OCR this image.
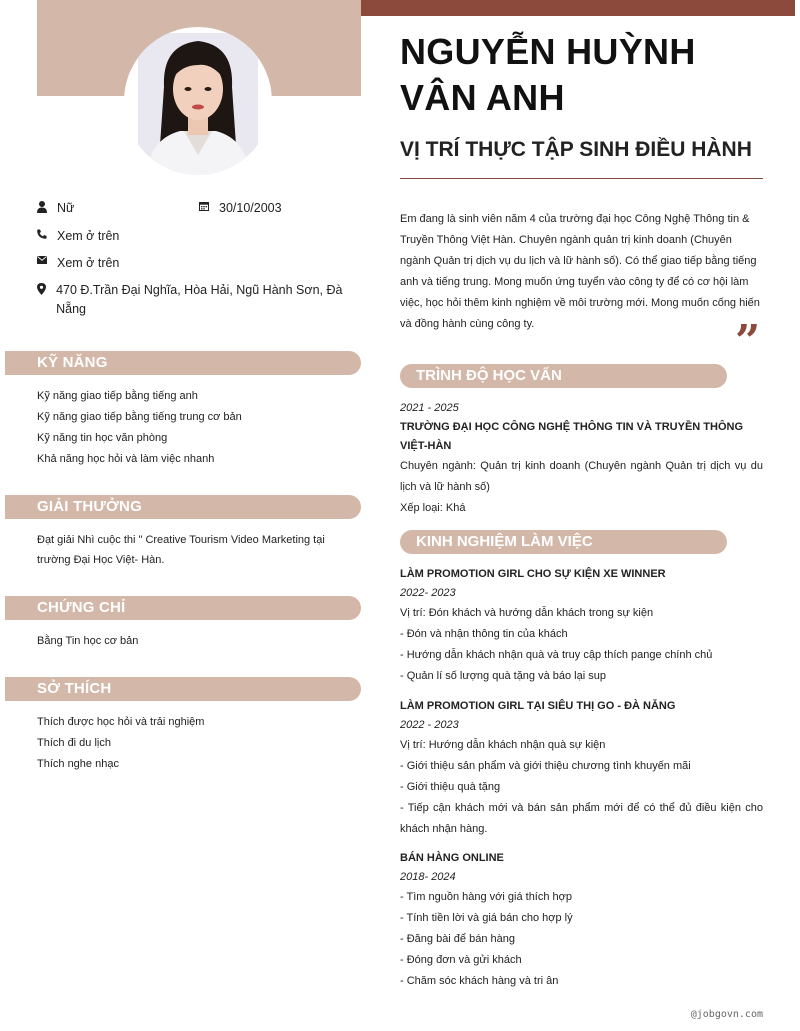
Nữ	30/10/2003
Xem ở trên
Xem ở trên
470 Đ.Trần Đại Nghĩa, Hòa Hải, Ngũ Hành Sơn, Đà Nẵng
KỸ NĂNG
Kỹ năng giao tiếp bằng tiếng anh
Kỹ năng giao tiếp bằng tiếng trung cơ bản
Kỹ năng tin học văn phòng
Khả năng học hỏi và làm việc nhanh
GIẢI THƯỞNG
Đạt giải Nhì cuộc thi " Creative Tourism Video Marketing tại trường Đại Học Việt- Hàn.
CHỨNG CHỈ
Bằng Tin học cơ bản
SỞ THÍCH
Thích được học hỏi và trải nghiệm
Thích đi du lịch
Thích nghe nhạc
NGUYỄN HUỲNH VÂN ANH
VỊ TRÍ THỰC TẬP SINH ĐIỀU HÀNH
Em đang là sinh viên năm 4 của trường đại học Công Nghệ Thông tin & Truyền Thông Việt Hàn. Chuyên ngành quản trị kinh doanh (Chuyên ngành Quản trị dịch vụ du lịch và lữ hành số). Có thể giao tiếp bằng tiếng anh và tiếng trung. Mong muốn ứng tuyển vào công ty để có cơ hội làm việc, học hỏi thêm kinh nghiệm về môi trường mới. Mong muốn cống hiến và đồng hành cùng công ty.	”
TRÌNH ĐỘ HỌC VẤN
2021 - 2025
TRƯỜNG ĐẠI HỌC CÔNG NGHỆ THÔNG TIN VÀ TRUYỀN THÔNG VIỆT-HÀN
Chuyên ngành: Quản trị kinh doanh (Chuyên ngành Quản trị dịch vụ du lịch và lữ hành số)
Xếp loại: Khá
KINH NGHIỆM LÀM VIỆC
LÀM PROMOTION GIRL CHO SỰ KIỆN XE WINNER
2022- 2023
Vị trí: Đón khách và hướng dẫn khách trong sự kiện
- Đón và nhận thông tin của khách
- Hướng dẫn khách nhận quà và truy cập thích pange chính chủ
- Quản lí số lượng quà tặng và báo lại sup
LÀM PROMOTION GIRL TẠI SIÊU THỊ GO - ĐÀ NẴNG
2022 - 2023
Vị trí: Hướng dẫn khách nhận quà sự kiện
- Giới thiệu sản phẩm và giới thiệu chương tình khuyến mãi
- Giới thiệu quà tặng
- Tiếp cận khách mới và bán sản phẩm mới để có thể đủ điều kiện cho khách nhận hàng.
BÁN HÀNG ONLINE
2018- 2024
- Tìm nguồn hàng với giá thích hợp
- Tính tiền lời và giá bán cho hợp lý
- Đăng bài để bán hàng
- Đóng đơn và gửi khách
- Chăm sóc khách hàng và tri ân
@jobgovn.com
